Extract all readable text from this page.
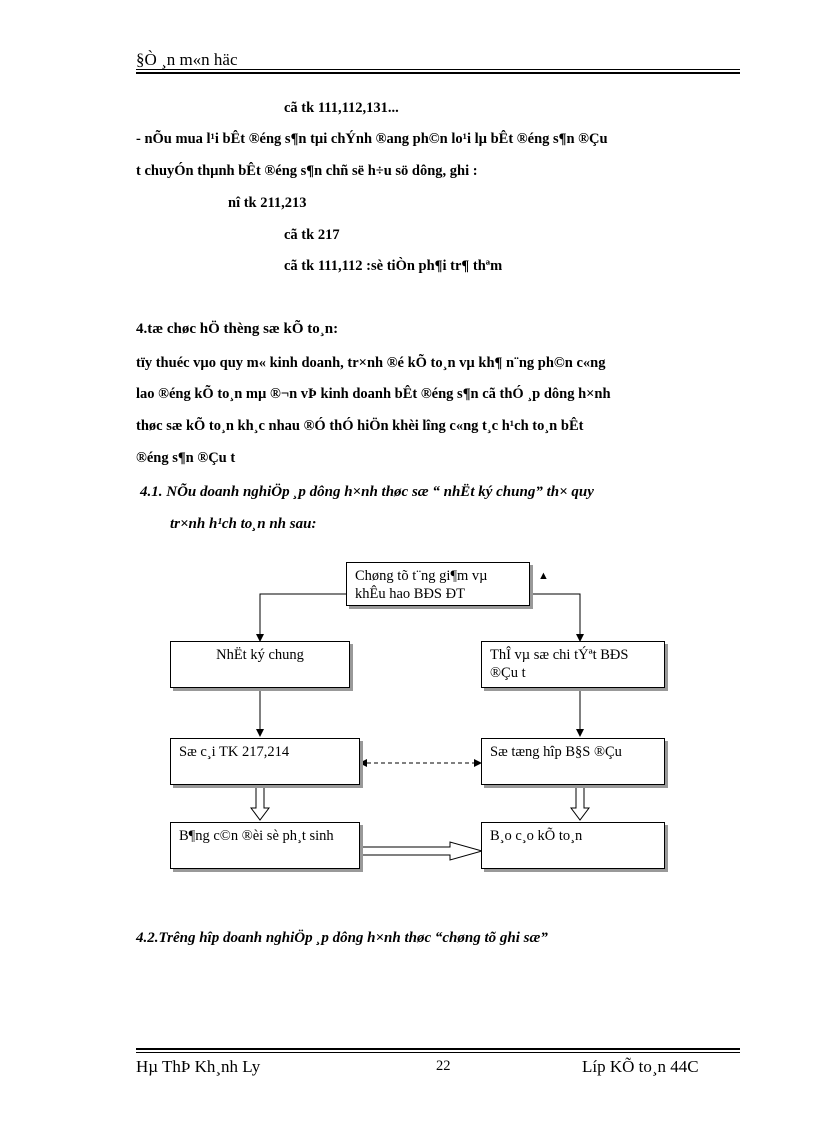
§Ò ¸n m«n häc
cã tk 111,112,131...
- nÕu mua l¹i bÊt ®éng s¶n tµi chÝnh ®ang ph©n lo¹i lµ bÊt ®éng s¶n ®Çu
t chuyÓn thµnh bÊt ®éng s¶n chñ së h÷u sö dông, ghi :
nî tk 211,213
cã tk 217
cã tk 111,112 :sè tiÒn ph¶i tr¶ thªm
4.tæ chøc hÖ thèng sæ kÕ to¸n:
tïy thuéc vµo quy m« kinh doanh, tr×nh ®é kÕ to¸n vµ kh¶ n¨ng ph©n c«ng
lao ®éng kÕ to¸n mµ ®¬n vÞ kinh doanh bÊt ®éng s¶n cã thÓ ¸p dông h×nh
thøc sæ kÕ to¸n kh¸c nhau ®Ó thÓ hiÖn khèi lîng c«ng t¸c h¹ch to¸n bÊt
®éng s¶n ®Çu t
4.1. NÕu doanh nghiÖp ¸p dông h×nh thøc sæ “ nhËt ký chung” th× quy
tr×nh h¹ch to¸n nh sau:
Chøng tõ t¨ng gi¶m vµ khÊu hao BĐS ĐT
▲
NhËt ký chung	ThÎ vµ sæ chi tÝªt BĐS ®Çu t
Sæ c¸i TK 217,214	Sæ tæng hîp B§S ®Çu
B¶ng c©n ®èi sè ph¸t sinh	B¸o c¸o kÕ to¸n
4.2.Trêng hîp doanh nghiÖp ¸p dông h×nh thøc “chøng tõ ghi sæ”
Hµ ThÞ Kh¸nh Ly	22	Líp KÕ to¸n 44C
